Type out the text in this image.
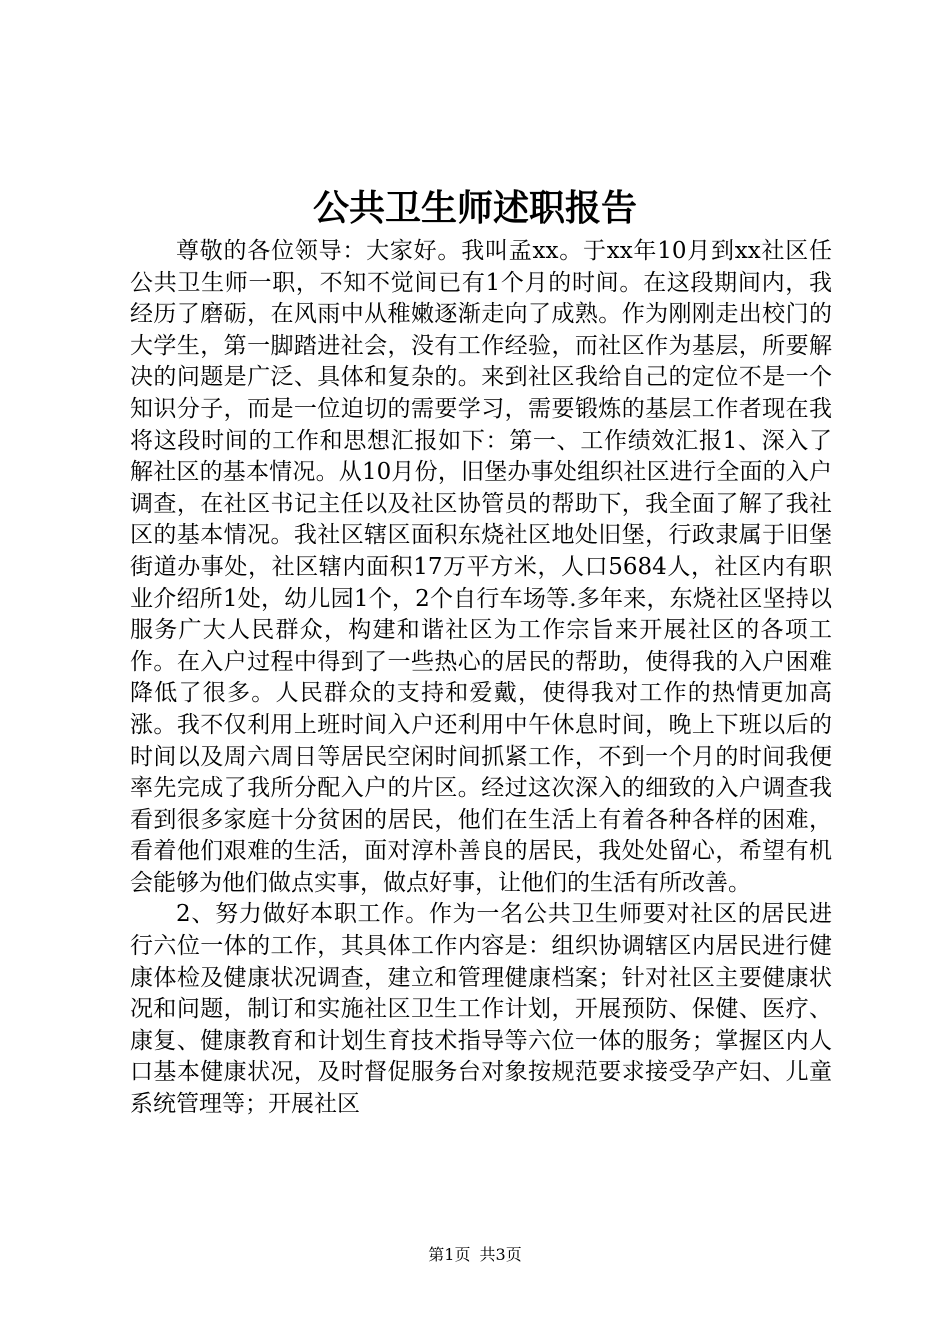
公共卫生师述职报告

尊敬的各位领导：大家好。我叫孟xx。于xx年10月到xx社区任公共卫生师一职，不知不觉间已有1个月的时间。在这段期间内，我经历了磨砺，在风雨中从稚嫩逐渐走向了成熟。作为刚刚走出校门的大学生，第一脚踏进社会，没有工作经验，而社区作为基层，所要解决的问题是广泛、具体和复杂的。来到社区我给自己的定位不是一个知识分子，而是一位迫切的需要学习，需要锻炼的基层工作者现在我将这段时间的工作和思想汇报如下：第一、工作绩效汇报1、深入了解社区的基本情况。从10月份，旧堡办事处组织社区进行全面的入户调查，在社区书记主任以及社区协管员的帮助下，我全面了解了我社区的基本情况。我社区辖区面积东烧社区地处旧堡，行政隶属于旧堡街道办事处，社区辖内面积17万平方米，人口5684人，社区内有职业介绍所1处，幼儿园1个，2个自行车场等.多年来，东烧社区坚持以服务广大人民群众，构建和谐社区为工作宗旨来开展社区的各项工作。在入户过程中得到了一些热心的居民的帮助，使得我的入户困难降低了很多。人民群众的支持和爱戴，使得我对工作的热情更加高涨。我不仅利用上班时间入户还利用中午休息时间，晚上下班以后的时间以及周六周日等居民空闲时间抓紧工作，不到一个月的时间我便率先完成了我所分配入户的片区。经过这次深入的细致的入户调查我看到很多家庭十分贫困的居民，他们在生活上有着各种各样的困难，看着他们艰难的生活，面对淳朴善良的居民，我处处留心，希望有机会能够为他们做点实事，做点好事，让他们的生活有所改善。

2、努力做好本职工作。作为一名公共卫生师要对社区的居民进行六位一体的工作，其具体工作内容是：组织协调辖区内居民进行健康体检及健康状况调查，建立和管理健康档案；针对社区主要健康状况和问题，制订和实施社区卫生工作计划，开展预防、保健、医疗、康复、健康教育和计划生育技术指导等六位一体的服务；掌握区内人口基本健康状况，及时督促服务台对象按规范要求接受孕产妇、儿童系统管理等；开展社区

第1页 共3页
